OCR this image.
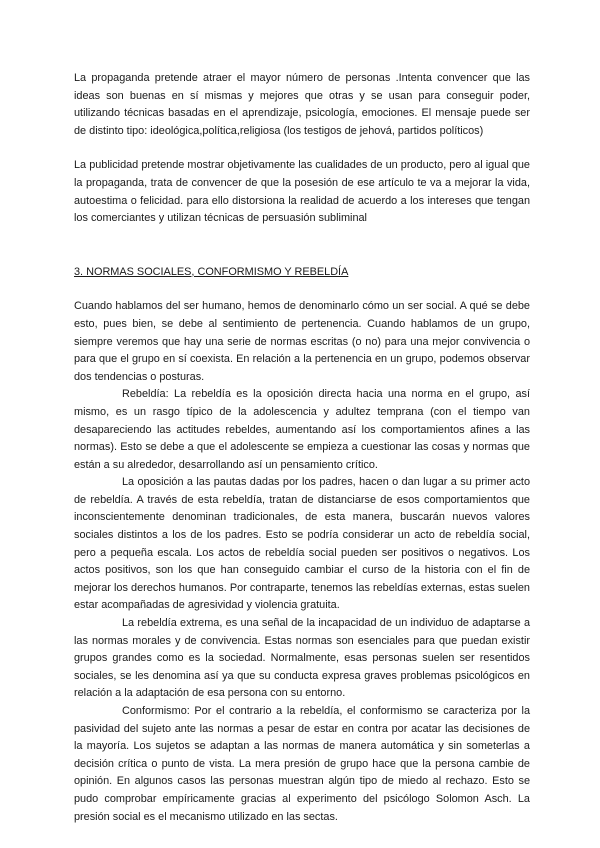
La propaganda pretende atraer el mayor número de personas .Intenta convencer que las ideas son buenas en sí mismas y mejores que otras y se usan para conseguir poder, utilizando técnicas basadas en el aprendizaje, psicología, emociones. El mensaje puede ser de distinto tipo: ideológica,política,religiosa (los testigos de jehová, partidos políticos)

La publicidad pretende mostrar objetivamente las cualidades de un producto, pero al igual que la propaganda, trata de convencer de que la posesión de ese artículo te va a mejorar la vida, autoestima o felicidad. para ello distorsiona la realidad de acuerdo a los intereses que tengan los comerciantes y utilizan técnicas de persuasión subliminal

3. NORMAS SOCIALES, CONFORMISMO Y REBELDÍA

Cuando hablamos del ser humano, hemos de denominarlo cómo un ser social. A qué se debe esto, pues bien, se debe al sentimiento de pertenencia. Cuando hablamos de un grupo, siempre veremos que hay una serie de normas escritas (o no) para una mejor convivencia o para que el grupo en sí coexista. En relación a la pertenencia en un grupo, podemos observar dos tendencias o posturas.

Rebeldía: La rebeldía es la oposición directa hacia una norma en el grupo, así mismo, es un rasgo típico de la adolescencia y adultez temprana (con el tiempo van desapareciendo las actitudes rebeldes, aumentando así los comportamientos afines a las normas). Esto se debe a que el adolescente se empieza a cuestionar las cosas y normas que están a su alrededor, desarrollando así un pensamiento crítico.

La oposición a las pautas dadas por los padres, hacen o dan lugar a su primer acto de rebeldía. A través de esta rebeldía, tratan de distanciarse de esos comportamientos que inconscientemente denominan tradicionales, de esta manera, buscarán nuevos valores sociales distintos a los de los padres. Esto se podría considerar un acto de rebeldía social, pero a pequeña escala. Los actos de rebeldía social pueden ser positivos o negativos. Los actos positivos, son los que han conseguido cambiar el curso de la historia con el fin de mejorar los derechos humanos. Por contraparte, tenemos las rebeldías externas, estas suelen estar acompañadas de agresividad y violencia gratuita.

La rebeldía extrema, es una señal de la incapacidad de un individuo de adaptarse a las normas morales y de convivencia. Estas normas son esenciales para que puedan existir grupos grandes como es la sociedad. Normalmente, esas personas suelen ser resentidos sociales, se les denomina así ya que su conducta expresa graves problemas psicológicos en relación a la adaptación de esa persona con su entorno.

Conformismo: Por el contrario a la rebeldía, el conformismo se caracteriza por la pasividad del sujeto ante las normas a pesar de estar en contra por acatar las decisiones de la mayoría. Los sujetos se adaptan a las normas de manera automática y sin someterlas a decisión crítica o punto de vista. La mera presión de grupo hace que la persona cambie de opinión. En algunos casos las personas muestran algún tipo de miedo al rechazo. Esto se pudo comprobar empíricamente gracias al experimento del psicólogo Solomon Asch. La presión social es el mecanismo utilizado en las sectas.
